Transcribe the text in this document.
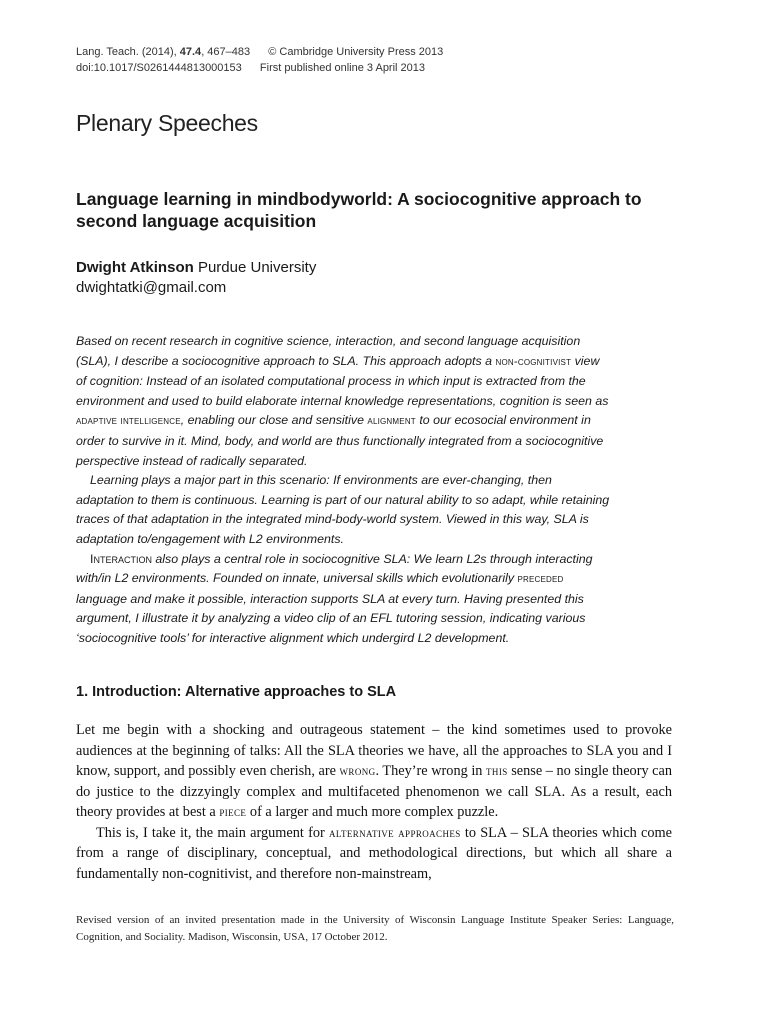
Lang. Teach. (2014), 47.4, 467–483 © Cambridge University Press 2013
doi:10.1017/S0261444813000153 First published online 3 April 2013
Plenary Speeches
Language learning in mindbodyworld: A sociocognitive approach to second language acquisition
Dwight Atkinson Purdue University
dwightatki@gmail.com

Based on recent research in cognitive science, interaction, and second language acquisition (SLA), I describe a sociocognitive approach to SLA. This approach adopts a non-cognitivist view of cognition: Instead of an isolated computational process in which input is extracted from the environment and used to build elaborate internal knowledge representations, cognition is seen as adaptive intelligence, enabling our close and sensitive alignment to our ecosocial environment in order to survive in it. Mind, body, and world are thus functionally integrated from a sociocognitive perspective instead of radically separated.

Learning plays a major part in this scenario: If environments are ever-changing, then adaptation to them is continuous. Learning is part of our natural ability to so adapt, while retaining traces of that adaptation in the integrated mind-body-world system. Viewed in this way, SLA is adaptation to/engagement with L2 environments.

Interaction also plays a central role in sociocognitive SLA: We learn L2s through interacting with/in L2 environments. Founded on innate, universal skills which evolutionarily preceded language and make it possible, interaction supports SLA at every turn. Having presented this argument, I illustrate it by analyzing a video clip of an EFL tutoring session, indicating various ‘sociocognitive tools’ for interactive alignment which undergird L2 development.

1. Introduction: Alternative approaches to SLA

Let me begin with a shocking and outrageous statement – the kind sometimes used to provoke audiences at the beginning of talks: All the SLA theories we have, all the approaches to SLA you and I know, support, and possibly even cherish, are wrong. They’re wrong in this sense – no single theory can do justice to the dizzyingly complex and multifaceted phenomenon we call SLA. As a result, each theory provides at best a piece of a larger and much more complex puzzle.

This is, I take it, the main argument for alternative approaches to SLA – SLA theories which come from a range of disciplinary, conceptual, and methodological directions, but which all share a fundamentally non-cognitivist, and therefore non-mainstream,

Revised version of an invited presentation made in the University of Wisconsin Language Institute Speaker Series: Language, Cognition, and Sociality. Madison, Wisconsin, USA, 17 October 2012.
